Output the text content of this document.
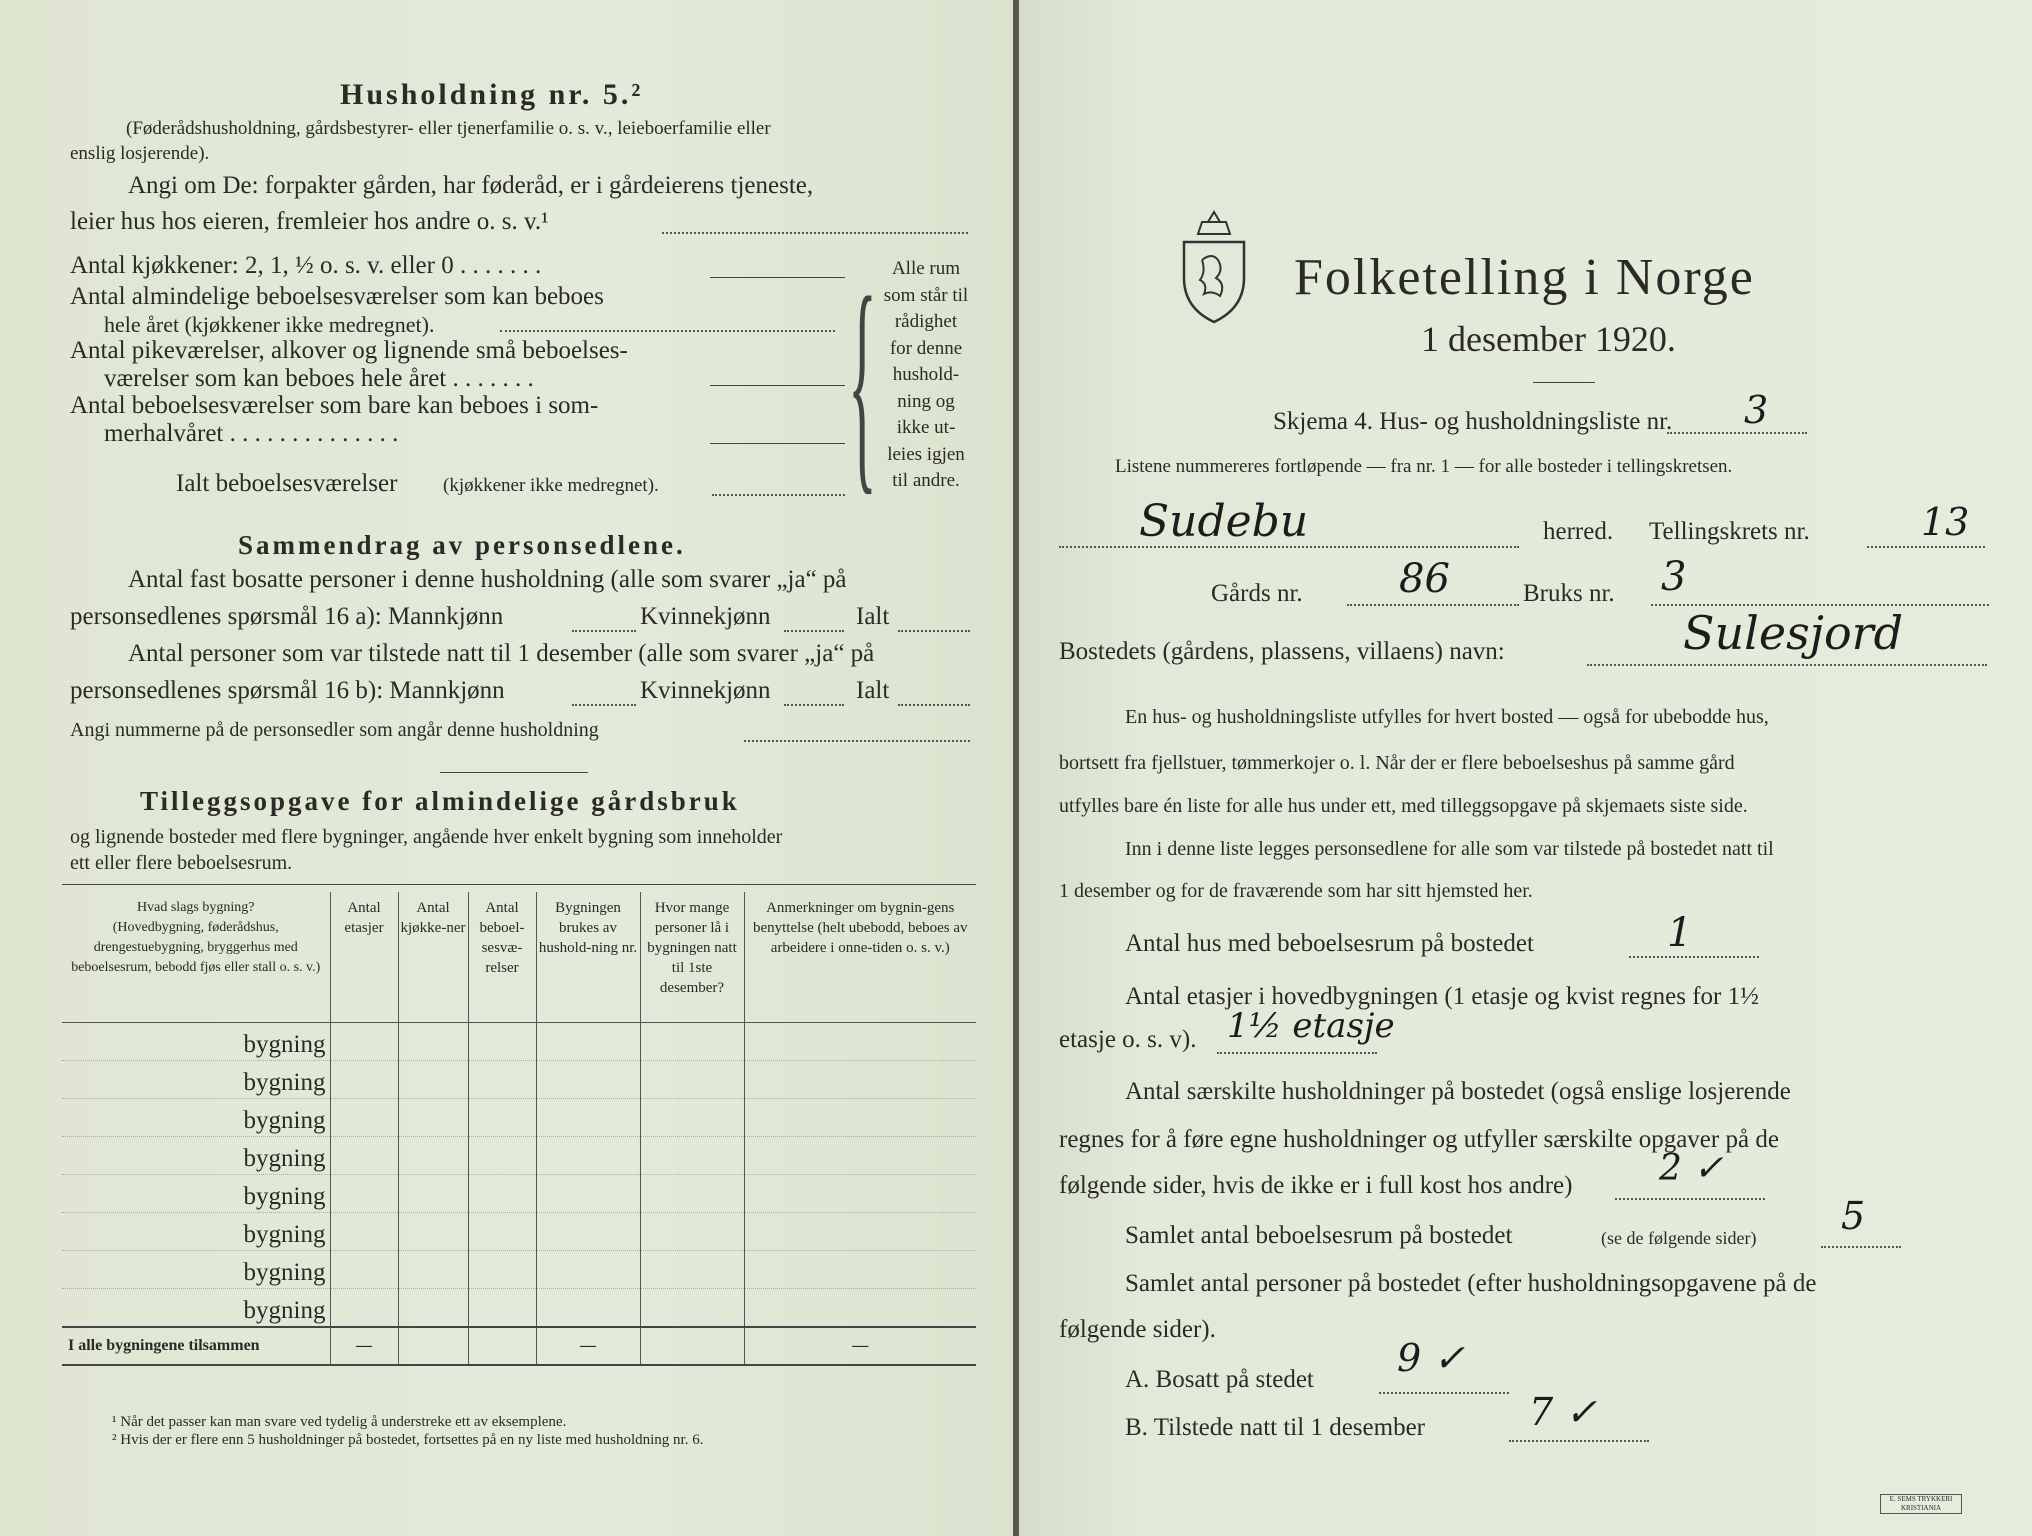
Husholdning nr. 5.²
(Føderådshusholdning, gårdsbestyrer- eller tjenerfamilie o. s. v., leieboerfamilie eller
enslig losjerende).
Angi om De: forpakter gården, har føderåd, er i gårdeierens tjeneste,
leier hus hos eieren, fremleier hos andre o. s. v.¹
Antal kjøkkener: 2, 1, ½ o. s. v. eller 0 . . . . . . .
Antal almindelige beboelsesværelser som kan beboes
hele året (kjøkkener ikke medregnet).
Antal pikeværelser, alkover og lignende små beboelses-
værelser som kan beboes hele året . . . . . . .
Antal beboelsesværelser som bare kan beboes i som-
merhalvåret . . . . . . . . . . . . . .
Ialt beboelsesværelser (kjøkkener ikke medregnet).	{ Alle rum
som står til
rådighet
for denne
hushold-
ning og
ikke ut-
leies igjen
til andre.
Sammendrag av personsedlene.
Antal fast bosatte personer i denne husholdning (alle som svarer „ja“ på
personsedlenes spørsmål 16 a): Mannkjønn	Kvinnekjønn	Ialt
Antal personer som var tilstede natt til 1 desember (alle som svarer „ja“ på
personsedlenes spørsmål 16 b): Mannkjønn	Kvinnekjønn	Ialt
Angi nummerne på de personsedler som angår denne husholdning
Tilleggsopgave for almindelige gårdsbruk
og lignende bosteder med flere bygninger, angående hver enkelt bygning som inneholder
ett eller flere beboelsesrum.
Hvad slags bygning?
(Hovedbygning, føderådshus, drengestuebygning, bryggerhus med beboelsesrum, bebodd fjøs eller stall o. s. v.)	Antal etasjer	Antal kjøkke-ner	Antal beboel-sesvæ-relser	Bygningen brukes av hushold-ning nr.	Hvor mange personer lå i bygningen natt til 1ste desember?	Anmerkninger om bygnin-gens benyttelse (helt ubebodd, beboes av arbeidere i onne-tiden o. s. v.)
bygning						
bygning						
bygning						
bygning						
bygning						
bygning						
bygning						
bygning						
I alle bygningene tilsammen	—			—		—
¹ Når det passer kan man svare ved tydelig å understreke ett av eksemplene.
² Hvis der er flere enn 5 husholdninger på bostedet, fortsettes på en ny liste med husholdning nr. 6.
Folketelling i Norge
1 desember 1920.
Skjema 4. Hus- og husholdningsliste nr. 3
Listene nummereres fortløpende — fra nr. 1 — for alle bosteder i tellingskretsen.
Sudebu	herred. Tellingskrets nr.	13
Gårds nr. 86	Bruks nr. 3
Bostedets (gårdens, plassens, villaens) navn:	Sulesjord
En hus- og husholdningsliste utfylles for hvert bosted — også for ubebodde hus,
bortsett fra fjellstuer, tømmerkojer o. l. Når der er flere beboelseshus på samme gård
utfylles bare én liste for alle hus under ett, med tilleggsopgave på skjemaets siste side.
Inn i denne liste legges personsedlene for alle som var tilstede på bostedet natt til
1 desember og for de fraværende som har sitt hjemsted her.
Antal hus med beboelsesrum på bostedet	1
Antal etasjer i hovedbygningen (1 etasje og kvist regnes for 1½
etasje o. s. v). 1½ etasje
Antal særskilte husholdninger på bostedet (også enslige losjerende
regnes for å føre egne husholdninger og utfyller særskilte opgaver på de
følgende sider, hvis de ikke er i full kost hos andre) 2 ✓
Samlet antal beboelsesrum på bostedet	(se de følgende sider) 5
Samlet antal personer på bostedet (efter husholdningsopgavene på de
følgende sider).
A. Bosatt på stedet 9 ✓
B. Tilstede natt til 1 desember	7 ✓
E. SEMS TRYKKERI KRISTIANIA
